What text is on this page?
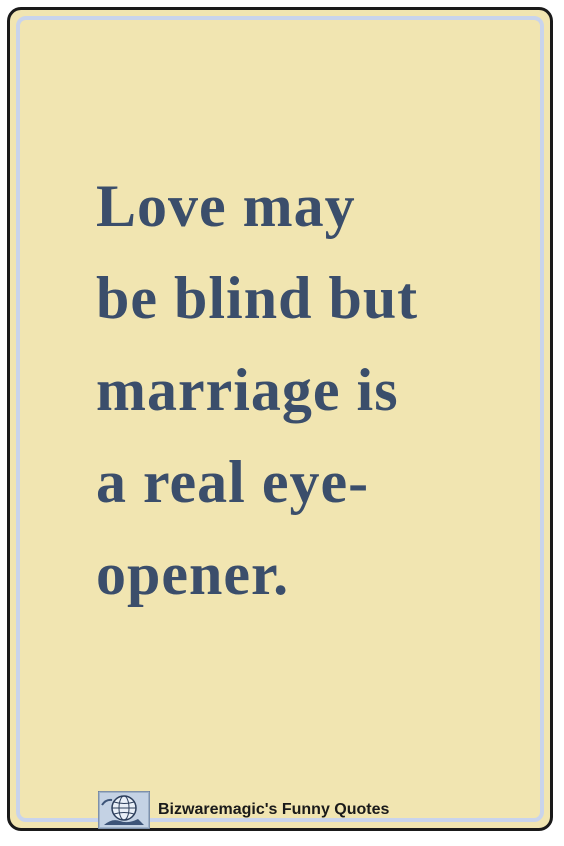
Love may
be blind but
marriage is
a real eye-
opener.

Bizwaremagic's Funny Quotes
